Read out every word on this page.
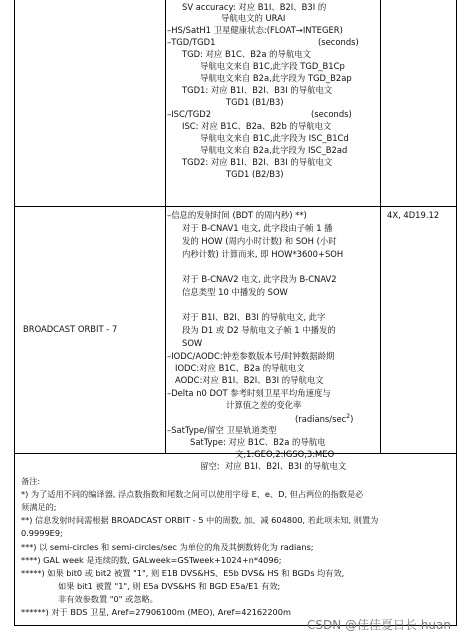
SV accuracy: 对应 B1I、B2I、B3I 的
导航电文的 URAI
–HS/SatH1 卫星健康状态:(FLOAT→INTEGER)
–TGD/TGD1	(seconds)
TGD: 对应 B1C、B2a 的导航电文
导航电文来自 B1C,此字段 TGD_B1Cp
导航电文来自 B2a,此字段为 TGD_B2ap
TGD1: 对应 B1I、B2I、B3I 的导航电文
TGD1 (B1/B3)
–ISC/TGD2	(seconds)
ISC: 对应 B1C、B2a、B2b 的导航电文
导航电文来自 B1C,此字段为 ISC_B1Cd
导航电文来自 B2a,此字段为 ISC_B2ad
TGD2: 对应 B1I、B2I、B3I 的导航电文
TGD1 (B2/B3)
BROADCAST ORBIT - 7
4X, 4D19.12
–信息的发射时间 (BDT 的周内秒) **)
对于 B-CNAV1 电文, 此字段由子帧 1 播
发的 HOW (周内小时计数) 和 SOH (小时
内秒计数) 计算而来, 即 HOW*3600+SOH
对于 B-CNAV2 电文, 此字段为 B-CNAV2
信息类型 10 中播发的 SOW
对于 B1I、B2I、B3I 的导航电文, 此字
段为 D1 或 D2 导航电文子帧 1 中播发的
SOW
–IODC/AODC:钟差参数版本号/时钟数据龄期
IODC:对应 B1C、B2a 的导航电文
AODC:对应 B1I、B2I、B3I 的导航电文
–Delta n0 DOT 参考时刻卫星平均角速度与
计算值之差的变化率
$(radians/\sec^2)$
–SatType/留空 卫星轨道类型
SatType: 对应 B1C、B2a 的导航电
文,1:GEO,2:IGSO,3:MEO
留空:  对应 B1I、B2I、B3I 的导航电文
备注:
*) 为了适用不同的编译器, 浮点数指数和尾数之间可以使用字母 E、e、D, 但占两位的指数是必
须满足的;
**) 信息发射时间需根据 BROADCAST ORBIT - 5 中的周数, 加、减 604800, 若此项未知, 则置为
0.9999E9;
***) 以 semi-circles 和 semi-circles/sec 为单位的角及其倒数转化为 radians;
****) GAL week 是连续的数, GALweek=GSTweek+1024+n*4096;
*****) 如果 bit0 或 bit2 被置 "1", 则 E1B DVS&HS、E5b DVS& HS 和 BGDs 均有效,
如果 bit1 被置 "1", 则 E5a DVS&HS 和 BGD E5a/E1 有效;
非有效参数置 "0" 或忽略。
******) 对于 BDS 卫星, Aref=27906100m (MEO), Aref=42162200m
CSDN @佳佳夏日长 huan
